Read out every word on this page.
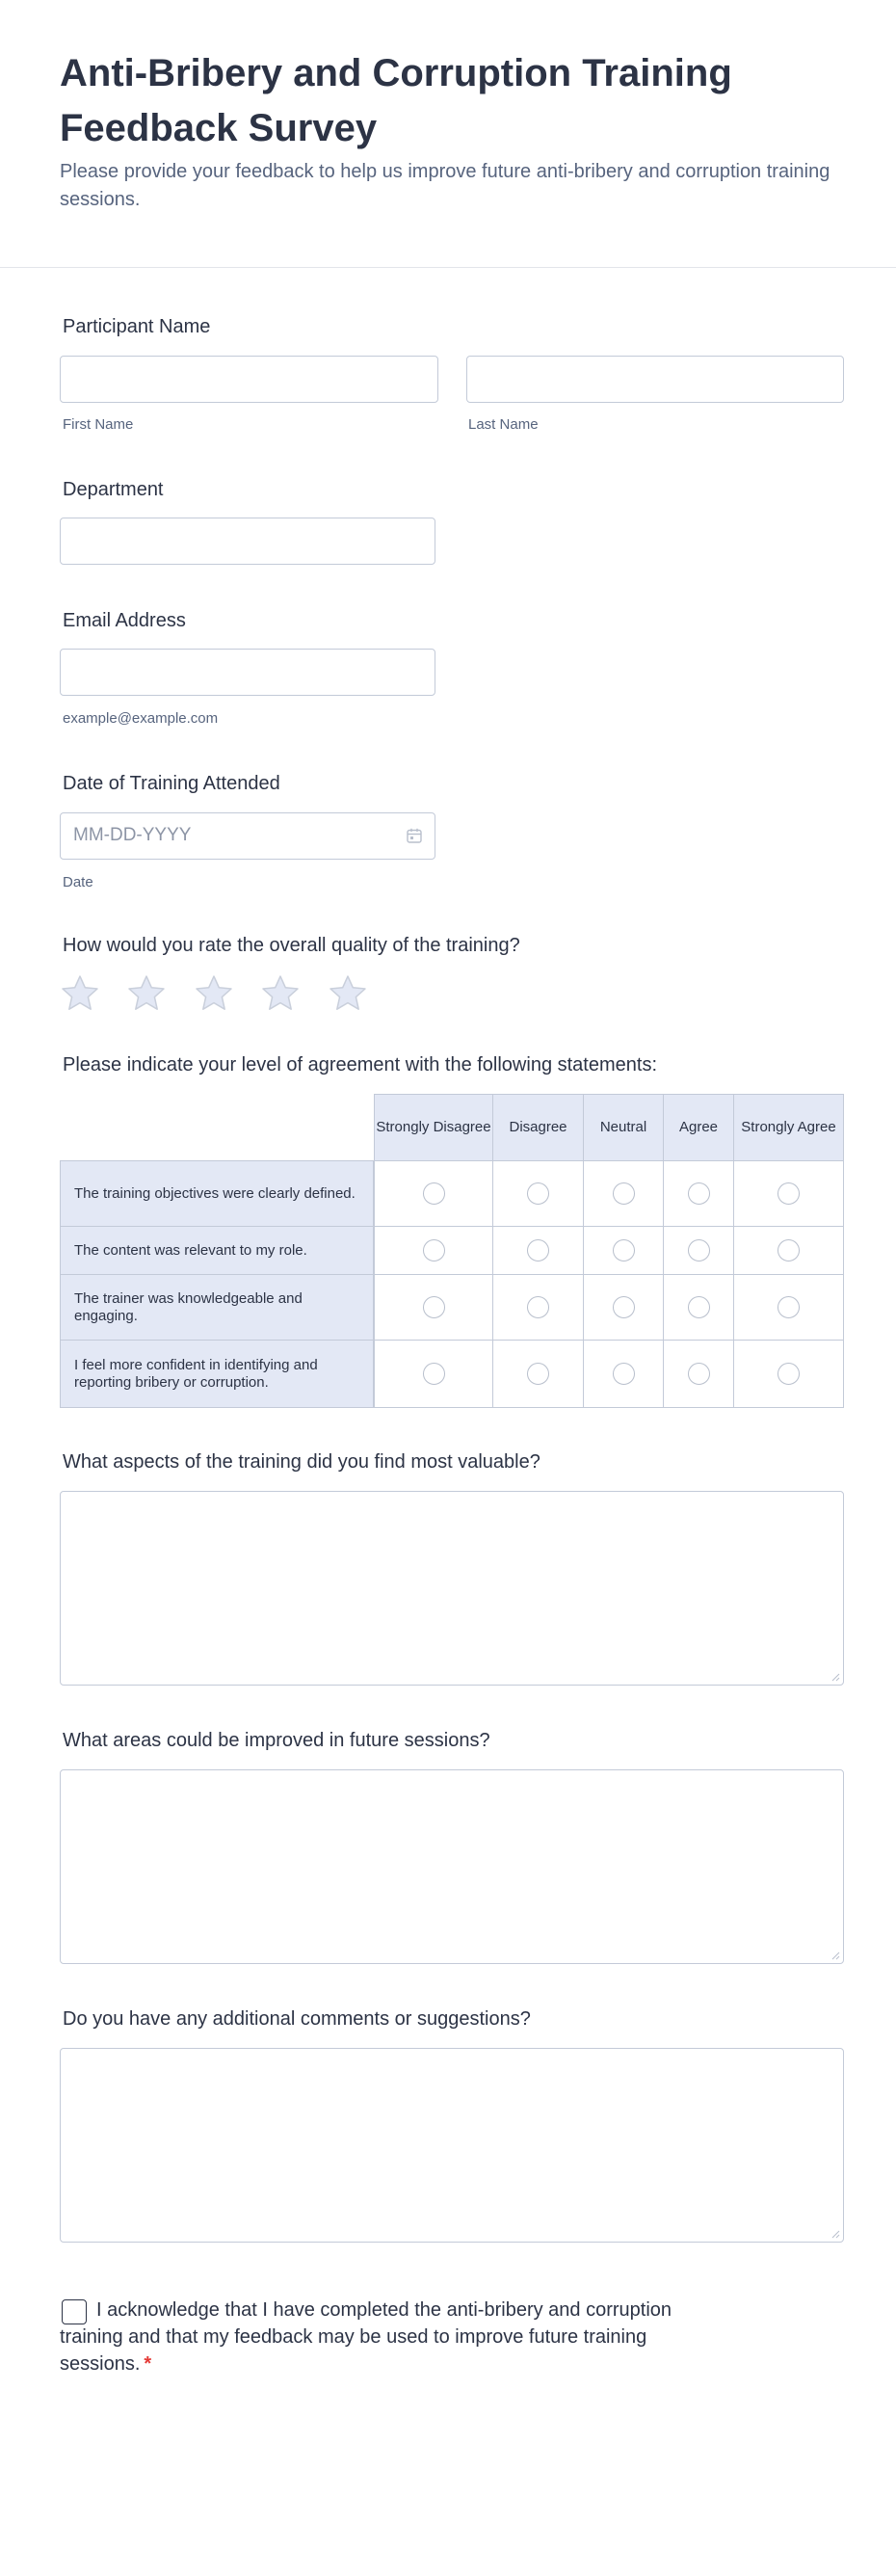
Anti-Bribery and Corruption Training Feedback Survey

Please provide your feedback to help us improve future anti-bribery and corruption training sessions.

Participant Name
First Name	Last Name
Department
Email Address
example@example.com
Date of Training Attended
MM-DD-YYYY
Date
How would you rate the overall quality of the training?
Please indicate your level of agreement with the following statements:
Strongly Disagree	Disagree	Neutral	Agree	Strongly Agree
The training objectives were clearly defined.
The content was relevant to my role.
The trainer was knowledgeable and engaging.
I feel more confident in identifying and reporting bribery or corruption.
What aspects of the training did you find most valuable?
What areas could be improved in future sessions?
Do you have any additional comments or suggestions?
I acknowledge that I have completed the anti-bribery and corruption training and that my feedback may be used to improve future training sessions. *
